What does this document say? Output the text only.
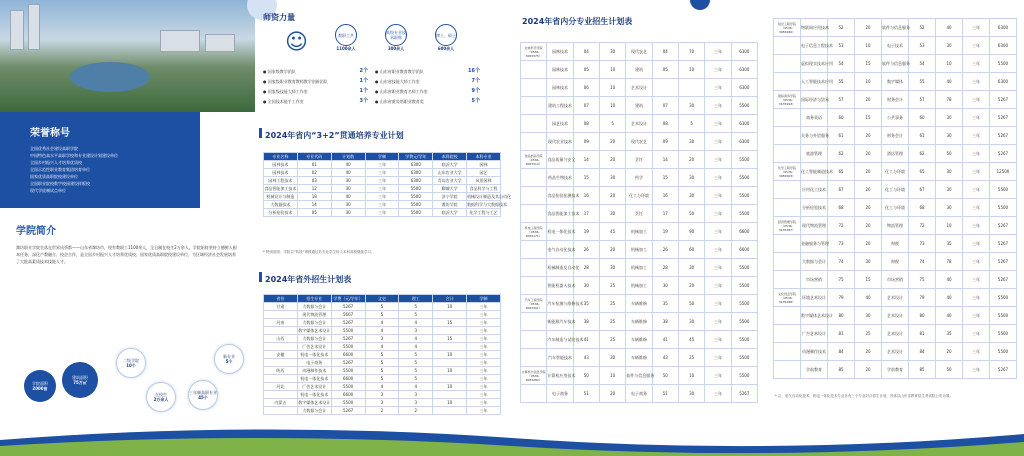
荣誉称号
全国优秀社会建设高职学院
中国特色高水平高职学校和专业建设计划建设单位
全国乡村振兴人才培养优质校
全国示范性职业教育集团培育单位
国家优质高职院校建设单位
全国职业院校数字校园建设样板校
现代学徒制试点单位
学院简介
潍坊职业学院坐落在世界风筝都——山东省潍坊市，现有教职工1100余人，全日制在校生2万余人。学院始终坚持立德树人根本任务，深化产教融合、校企合作，是全国乡村振兴人才培养优质校、国家优质高职院校建设单位，为区域经济社会发展培养了大批高素质技术技能人才。
学院面积
2000亩
建筑面积
75万㎡
二级学院
10个
在校生
2万余人
三年制高职专业
45个
新专业
5个
师资力量
☺	教职工共
1100余人
高级专业技术职称
300余人
博士、硕士
600余人
● 国家级教学团队	2个
● 国家级职业教育教师教学创新团队	1个
● 国家级技能大师工作室	1个
● 全国技术能手工作室	3个
● 山东省职业教育教学团队	16个
● 山东省技能大师工作室	7个
● 山东省职业教育名师工作室	9个
● 山东省黄炎培职业教育奖	5个
2024年省内“3+2”贯通培养专业计划
专业名称	专业代码	计划数	学制	学费元/学年	本科院校	本科专业
园林技术	01	40	三年	6300	临沂大学	园林
园林技术	02	40	三年	6300	山东农业大学	园艺
园林工程技术	03	30	三年	6300	青岛农业大学	风景园林
食品智能加工技术	12	30	三年	5500	聊城大学	食品科学与工程
机械设计与制造	18	40	三年	5500	济宁学院	机械设计制造及其自动化
大数据技术	14	30	三年	5500	潍坊学院	数据科学与大数据技术
分析检验技术	05	30	三年	5500	临沂大学	化学工程与工艺
* 特别说明：学院以“转段”审核通过后专业学生转入本科高校继续学习。
2024年省外招生计划表
省份	招生专业	学费（元/学年）	文史	理工	合计	学制
甘肃	大数据与会计	5267	5	5	10	三年
	现代物流管理	5667	5	5		三年
河南	大数据与会计	5267	4	4	15	三年
	数字媒体艺术设计	5500	4	3		三年
山西	大数据与会计	5267	3	4	15	三年
	广告艺术设计	5500	4	4		三年
安徽	机电一体化技术	6600	5	5	10	三年
	电子商务	5267	5	5		三年
陕西	动漫制作技术	5500	5	5	10	三年
	机电一体化技术	6600	5	5		三年
河北	广告艺术设计	5500	4	4	10	三年
	机电一体化技术	6600	3	3		三年
内蒙古	数字媒体艺术设计	5500	3	3	10	三年
	大数据与会计	5267	2	2		三年
2024年省内分专业招生计划表
农林科学学院（0536-3083375）	园林技术	04	30	现代农艺	04	70	三年	6300
	园林技术	05	10	建筑	05	10	三年	6300
	园林技术	06	10	艺术设计			三年	6300
	建筑工程技术	07	10	建筑	07	30	三年	5500
	园艺技术	08	5	艺术设计	08	5	三年	6300
	现代农业技术	09	20	现代农艺	09	30	三年	6300
食品药品学院（0536-3083312）	食品质量与安全	14	20	烹饪	14	20	三年	5500
	药品生物技术	15	30	药学	15	30	三年	5500
	食品检验检测技术	16	20	化工与环境	16	30	三年	5500
	食品智能加工技术	17	30	烹饪	17	50	三年	5500
机电工程学院（0536-3083171）	机电一体化技术	19	45	机械加工	19	90	三年	6600
	电气自动化技术	26	20	机械加工	26	60	三年	6600
	机械制造及自动化	28	30	机械加工	28	30	三年	5500
	智能机器人技术	30	25	机械加工	30	20	三年	5500
汽车工程学院（0536-3083301）	汽车检测与维修技术	35	25	车辆维修	35	50	三年	5500
	新能源汽车技术	38	25	车辆维修	38	30	三年	5500
	汽车制造与试验技术	41	25	车辆维修	41	45	三年	5500
	汽车智能技术	43	30	车辆维修	43	25	三年	5500
计算机与信息学院（0536-3083282）	计算机应用技术	50	10	软件与信息服务	50	10	三年	5500
	电子商务	51	20	电子商务	51	30	三年	5267
信息工程学院（0536-3083282）	物联网应用技术	52	20	软件与信息服务	52	40	三年	6300
	电子信息工程技术	53	10	电子技术	53	30	三年	6300
	虚拟现实技术应用	54	15	软件与信息服务	54	10	三年	5500
	人工智能技术应用	55	10	数字媒体	55	40	三年	6300
国际商务学院（0536-3135993）	国际经济与贸易	57	20	财务会计	57	78	三年	5267
	商务英语	60	15	公共事务	60	30	三年	5267
	关务与外贸服务	61	20	财务会计	61	30	三年	5267
	旅游管理	62	20	酒店管理	62	50	三年	5267
化学工程学院（0536-3083003）	化工智能制造技术	65	20	化工与环境	65	30	三年	12500
	应用化工技术	67	20	化工与环境	67	30	三年	5500
	分析检验技术	68	20	化工与环境	68	30	三年	5500
经济管理学院（0536-3135287）	现代物流管理	72	20	物流管理	72	10	三年	5267
	金融服务与管理	73	20	财税	73	35	三年	5267
	大数据与会计	74	30	财税	74	78	三年	5267
	市场营销	75	15	市场营销	75	40	三年	5267
文化创意学院（0536-3135286）	环境艺术设计	79	40	艺术设计	79	40	三年	5500
	数字媒体艺术设计	80	30	艺术设计	80	40	三年	5500
	广告艺术设计	81	25	艺术设计	81	35	三年	5500
	动漫制作技术	84	20	艺术设计	84	20	三年	5500
	学前教育	85	20	学前教育	85	50	三年	5267
* 注：电气自动化技术、机电一体化技术专业各有三个专业对口招生计划，具体以山东省教育招生考试院公布为准。
